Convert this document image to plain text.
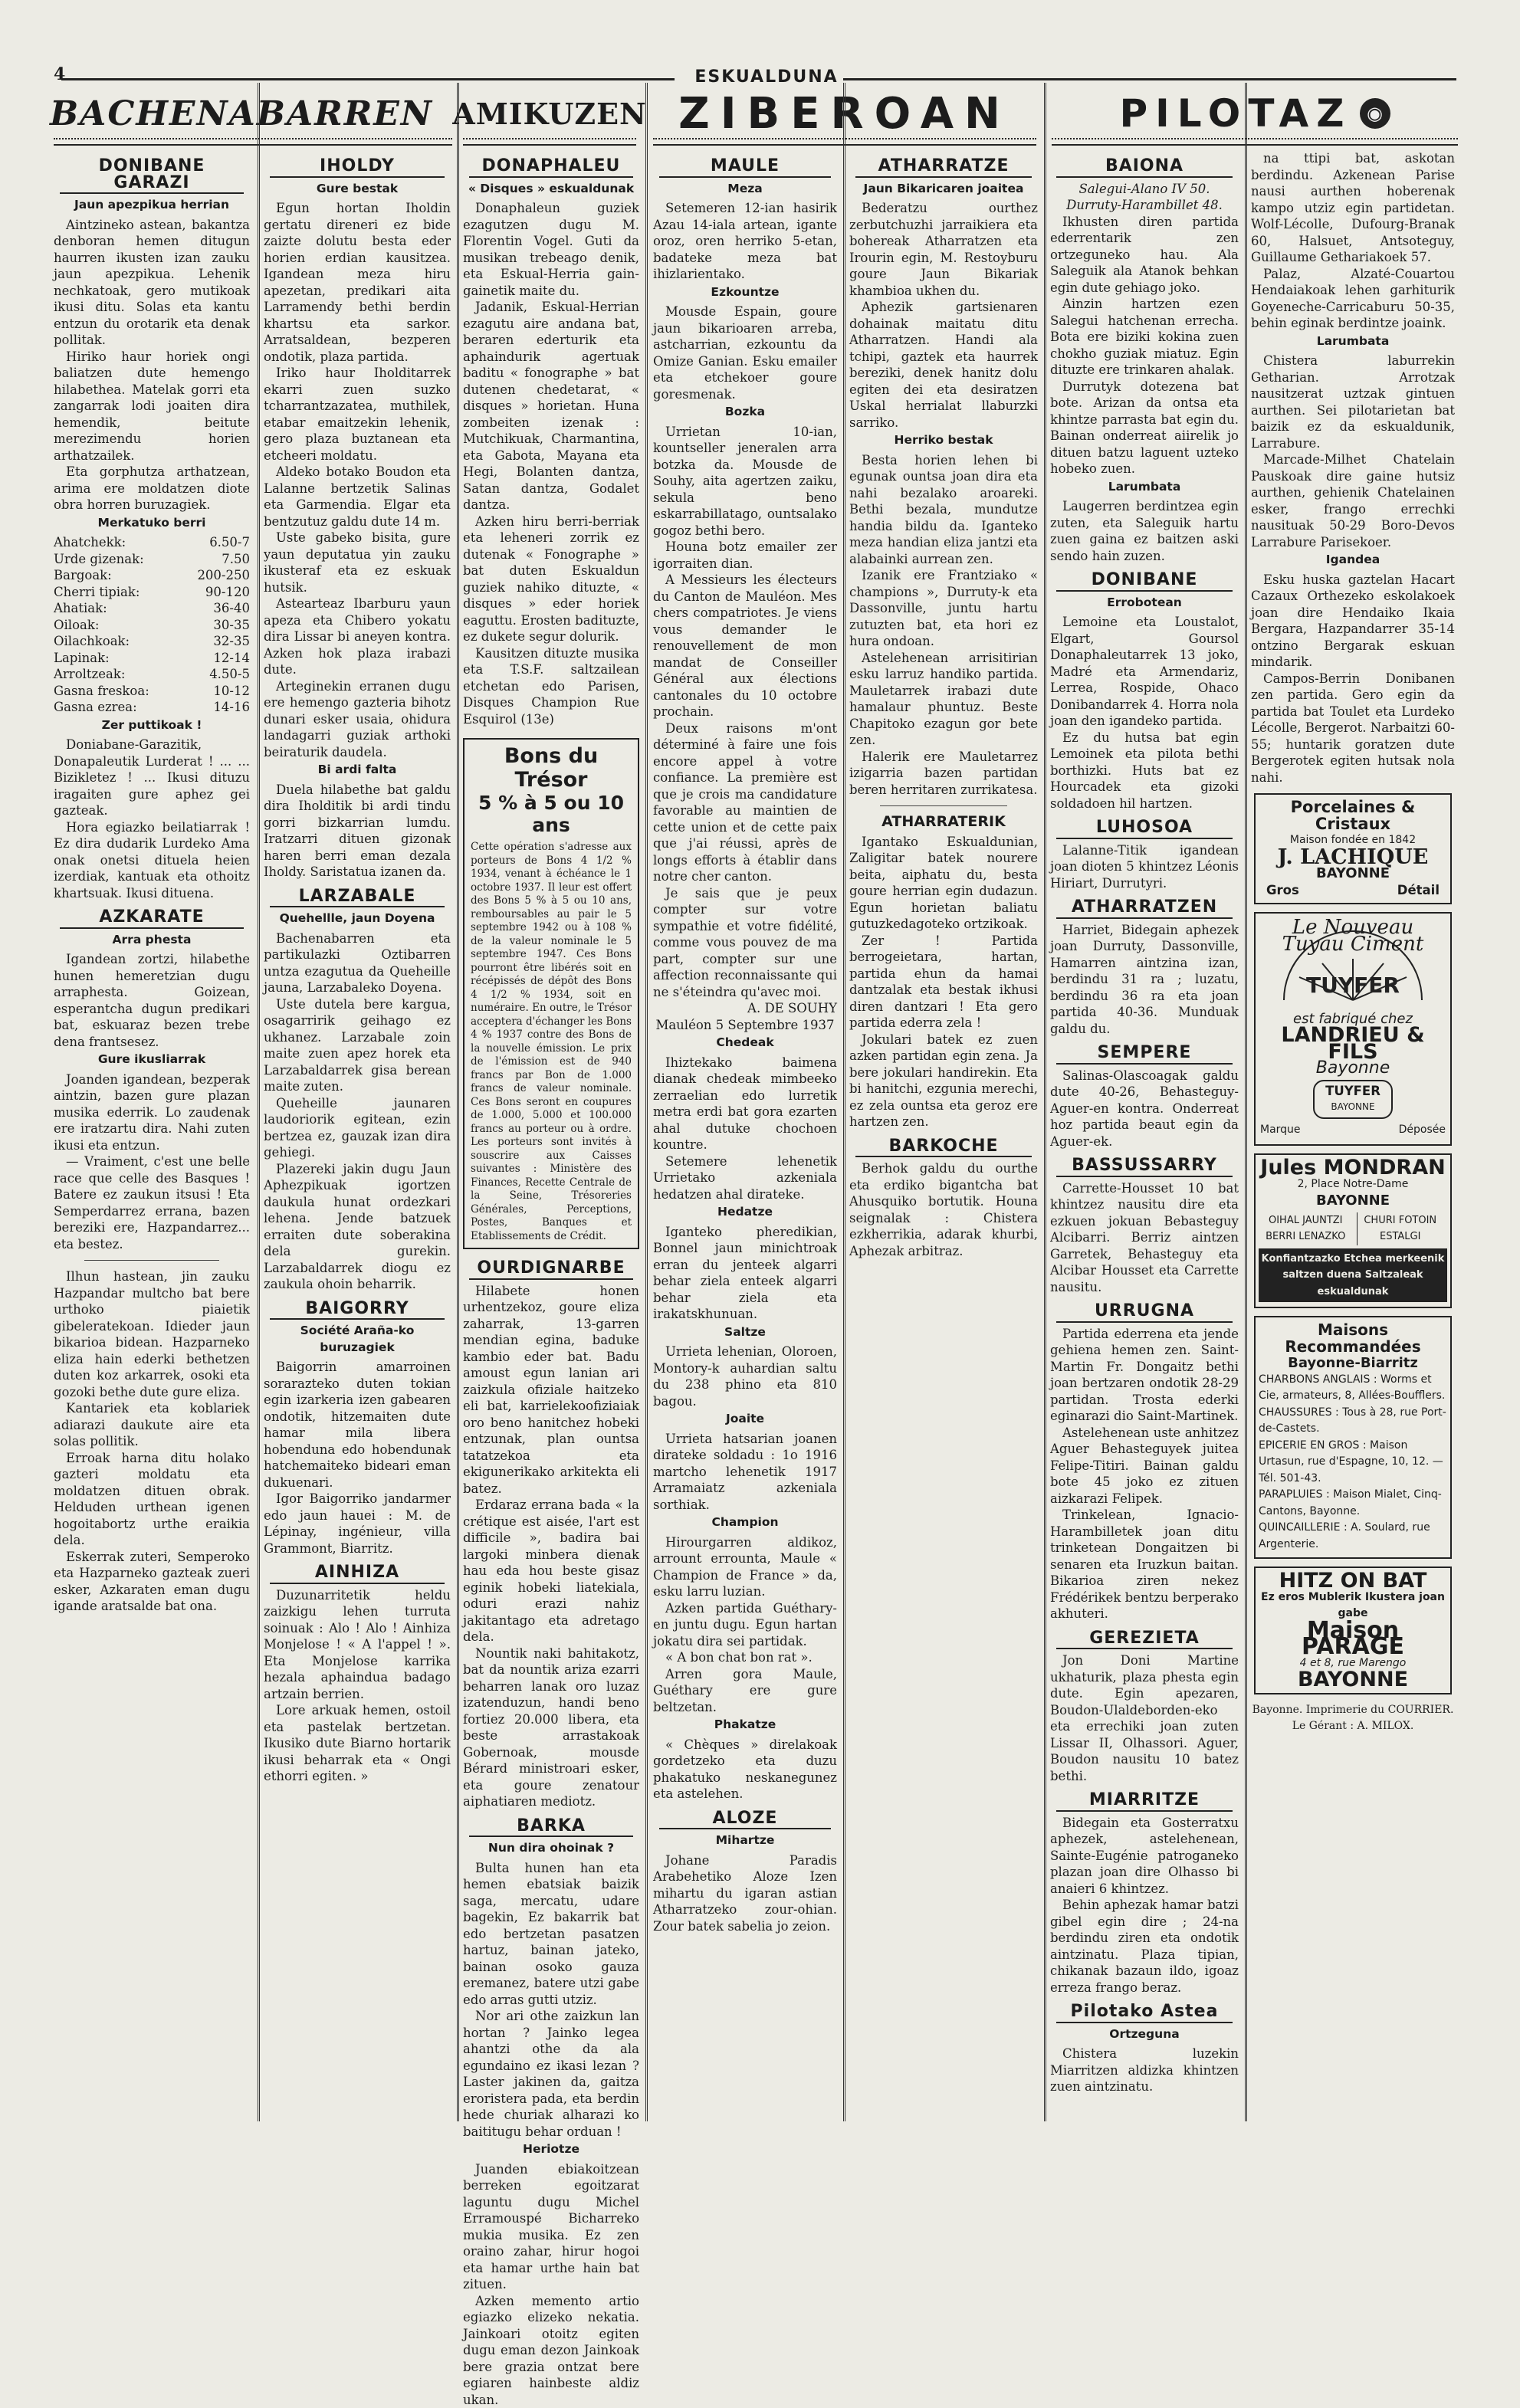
4	ESKUALDUNA
BACHENABARREN AMIKUZEN ZIBEROAN	PILOTAZ ◉
DONIBANE GARAZI
Jaun apezpikua herrian

Aintzineko astean, bakantza denboran hemen ditugun haurren ikusten izan zauku jaun apezpikua. Lehenik nechkatoak, gero mutikoak ikusi ditu. Solas eta kantu entzun du orotarik eta denak pollitak.

Hiriko haur horiek ongi baliatzen dute hemengo hilabethea. Matelak gorri eta zangarrak lodi joaiten dira hemendik, beitute merezimendu horien arthatzailek.

Eta gorphutza arthatzean, arima ere moldatzen diote obra horren buruzagiek.

Merkatuko berri
Ahatchekk:	6.50-7
Urde gizenak:	7.50
Bargoak:	200-250
Cherri tipiak:	90-120
Ahatiak:	36-40
Oiloak:	30-35
Oilachkoak:	32-35
Lapinak:	12-14
Arroltzeak:	4.50-5
Gasna freskoa:	10-12
Gasna ezrea:	14-16
Zer puttikoak !

Doniabane-Garazitik, Donapaleutik Lurderat ! ... ... Bizikletez ! ... Ikusi dituzu iragaiten gure aphez gei gazteak.

Hora egiazko beilatiarrak ! Ez dira dudarik Lurdeko Ama onak onetsi dituela heien izerdiak, kantuak eta othoitz khartsuak. Ikusi dituena.

AZKARATE
Arra phesta

Igandean zortzi, hilabethe hunen hemeretzian dugu arraphesta. Goizean, esperantcha dugun predikari bat, eskuaraz bezen trebe dena frantsesez.

Gure ikusliarrak

Joanden igandean, bezperak aintzin, bazen gure plazan musika ederrik. Lo zaudenak ere iratzartu dira. Nahi zuten ikusi eta entzun.

— Vraiment, c'est une belle race que celle des Basques ! Batere ez zaukun itsusi ! Eta Semperdarrez errana, bazen bereziki ere, Hazpandarrez... eta bestez.

Ilhun hastean, jin zauku Hazpandar multcho bat bere urthoko piaietik gibeleratekoan. Idieder jaun bikarioa bidean. Hazparneko eliza hain ederki bethetzen duten koz arkarrek, osoki eta gozoki bethe dute gure eliza.

Kantariek eta koblariek adiarazi daukute aire eta solas pollitik.

Erroak harna ditu holako gazteri moldatu eta moldatzen dituen obrak. Helduden urthean igenen hogoitabortz urthe eraikia dela.

Eskerrak zuteri, Semperoko eta Hazparneko gazteak zueri esker, Azkaraten eman dugu igande aratsalde bat ona.

IHOLDY
Gure bestak

Egun hortan Iholdin gertatu direneri ez bide zaizte dolutu besta eder horien erdian kausitzea. Igandean meza hiru apezetan, predikari aita Larramendy bethi berdin khartsu eta sarkor. Arratsaldean, bezperen ondotik, plaza partida.

Iriko haur Iholditarrek ekarri zuen suzko tcharrantzazatea, muthilek, etabar emaitzekin lehenik, gero plaza buztanean eta etcheeri moldatu.

Aldeko botako Boudon eta Lalanne bertzetik Salinas eta Garmendia. Elgar eta bentzutuz galdu dute 14 m.

Uste gabeko bisita, gure yaun deputatua yin zauku ikusteraf eta ez eskuak hutsik.

Astearteaz Ibarburu yaun apeza eta Chibero yokatu dira Lissar bi aneyen kontra. Azken hok plaza irabazi dute.

Arteginekin erranen dugu ere hemengo gazteria bihotz dunari esker usaia, ohidura landagarri guziak arthoki beiraturik daudela.

Bi ardi falta

Duela hilabethe bat galdu dira Iholditik bi ardi tindu gorri bizkarrian lumdu. Iratzarri dituen gizonak haren berri eman dezala Iholdy. Saristatua izanen da.

LARZABALE
Quehellle, jaun Doyena

Bachenabarren eta partikulazki Oztibarren untza ezagutua da Queheille jauna, Larzabaleko Doyena.

Uste dutela bere kargua, osagarririk geihago ez ukhanez. Larzabale zoin maite zuen apez horek eta Larzabaldarrek gisa berean maite zuten.

Queheille jaunaren laudoriorik egitean, ezin bertzea ez, gauzak izan dira gehiegi.

Plazereki jakin dugu Jaun Aphezpikuak igortzen daukula hunat ordezkari lehena. Jende batzuek erraiten dute soberakina dela gurekin. Larzabaldarrek diogu ez zaukula ohoin beharrik.

BAIGORRY
Société Araña-ko buruzagiek

Baigorrin amarroinen sorarazteko duten tokian egin izarkeria izen gabearen ondotik, hitzemaiten dute hamar mila libera hobenduna edo hobendunak hatchemaiteko bideari eman dukuenari.

Igor Baigorriko jandarmer edo jaun hauei : M. de Lépinay, ingénieur, villa Grammont, Biarritz.

AINHIZA

Duzunarritetik heldu zaizkigu lehen turruta soinuak : Alo ! Alo ! Ainhiza Monjelose ! « A l'appel ! ». Eta Monjelose karrika hezala aphaindua badago artzain berrien.

Lore arkuak hemen, ostoil eta pastelak bertzetan. Ikusiko dute Biarno hortarik ikusi beharrak eta « Ongi ethorri egiten. »

DONAPHALEU
« Disques » eskualdunak

Donaphaleun guziek ezagutzen dugu M. Florentin Vogel. Guti da musikan trebeago denik, eta Eskual-Herria gain-gainetik maite du.

Jadanik, Eskual-Herrian ezagutu aire andana bat, beraren ederturik eta aphaindurik agertuak baditu « fonographe » bat dutenen chedetarat, « disques » horietan. Huna zombeiten izenak : Mutchikuak, Charmantina, eta Gabota, Mayana eta Hegi, Bolanten dantza, Satan dantza, Godalet dantza.

Azken hiru berri-berriak eta leheneri zorrik ez dutenak « Fonographe » bat duten Eskualdun guziek nahiko dituzte, « disques » eder horiek eaguttu. Erosten badituzte, ez dukete segur dolurik.

Kausitzen dituzte musika eta T.S.F. saltzailean etchetan edo Parisen, Disques Champion Rue Esquirol (13e)

Bons du Trésor
5 % à 5 ou 10 ans
Cette opération s'adresse aux porteurs de Bons 4 1/2 % 1934, venant à échéance le 1 octobre 1937. Il leur est offert des Bons 5 % à 5 ou 10 ans, remboursables au pair le 5 septembre 1942 ou à 108 % de la valeur nominale le 5 septembre 1947. Ces Bons pourront être libérés soit en récépissés de dépôt des Bons 4 1/2 % 1934, soit en numéraire. En outre, le Trésor acceptera d'échanger les Bons 4 % 1937 contre des Bons de la nouvelle émission. Le prix de l'émission est de 940 francs par Bon de 1.000 francs de valeur nominale. Ces Bons seront en coupures de 1.000, 5.000 et 100.000 francs au porteur ou à ordre. Les porteurs sont invités à souscrire aux Caisses suivantes : Ministère des Finances, Recette Centrale de la Seine, Trésoreries Générales, Perceptions, Postes, Banques et Etablissements de Crédit.
OURDIGNARBE

Hilabete honen urhentzekoz, goure eliza zaharrak, 13-garren mendian egina, baduke kambio eder bat. Badu amoust egun lanian ari zaizkula ofiziale haitzeko eli bat, karrielekoofiziaiak oro beno hanitchez hobeki entzunak, plan ountsa tatatzekoa eta ekigunerikako arkitekta eli batez.

Erdaraz errana bada « la crétique est aisée, l'art est difficile », badira bai largoki minbera dienak hau eda hou beste gisaz eginik hobeki liatekiala, oduri erazi nahiz jakitantago eta adretago dela.

Nountik naki bahitakotz, bat da nountik ariza ezarri beharren lanak oro luzaz izatenduzun, handi beno fortiez 20.000 libera, eta beste arrastakoak Gobernoak, mousde Bérard ministroari esker, eta goure zenatour aiphatiaren mediotz.

BARKA
Nun dira ohoinak ?

Bulta hunen han eta hemen ebatsiak baizik saga, mercatu, udare bagekin, Ez bakarrik bat edo bertzetan pasatzen hartuz, bainan jateko, bainan osoko gauza eremanez, batere utzi gabe edo arras gutti utziz.

Nor ari othe zaizkun lan hortan ? Jainko legea ahantzi othe da ala egundaino ez ikasi lezan ? Laster jakinen da, gaitza eroristera pada, eta berdin hede churiak alharazi ko baititugu behar orduan !

Heriotze

Juanden ebiakoitzean berreken egoitzarat laguntu dugu Michel Erramouspé Bicharreko mukia musika. Ez zen oraino zahar, hirur hogoi eta hamar urthe hain bat zituen.

Azken memento artio egiazko elizeko nekatia. Jainkoari otoitz egiten dugu eman dezon Jainkoak bere grazia ontzat bere egiaren hainbeste aldiz ukan.

MAULE
Meza

Setemeren 12-ian hasirik Azau 14-iala artean, igante oroz, oren herriko 5-etan, badateke meza bat ihizlarientako.

Ezkountze

Mousde Espain, goure jaun bikarioaren arreba, astcharrian, ezkountu da Omize Ganian. Esku emailer eta etchekoer goure goresmenak.

Bozka

Urrietan 10-ian, kountseller jeneralen arra botzka da. Mousde de Souhy, aita agertzen zaiku, sekula beno eskarrabillatago, ountsalako gogoz bethi bero.

Houna botz emailer zer igorraiten dian.

A Messieurs les électeurs du Canton de Mauléon. Mes chers compatriotes. Je viens vous demander le renouvellement de mon mandat de Conseiller Général aux élections cantonales du 10 octobre prochain.

Deux raisons m'ont déterminé à faire une fois encore appel à votre confiance. La première est que je crois ma candidature favorable au maintien de cette union et de cette paix que j'ai réussi, après de longs efforts à établir dans notre cher canton.

Je sais que je peux compter sur votre sympathie et votre fidélité, comme vous pouvez de ma part, compter sur une affection reconnaissante qui ne s'éteindra qu'avec moi.

A. DE SOUHY
Mauléon 5 Septembre 1937
Chedeak

Ihiztekako baimena dianak chedeak mimbeeko zerraelian edo lurretik metra erdi bat gora ezarten ahal dutuke chochoen kountre.

Setemere lehenetik Urrietako azkeniala hedatzen ahal dirateke.

Hedatze

Iganteko pheredikian, Bonnel jaun minichtroak erran du jenteek algarri behar ziela enteek algarri behar ziela eta irakatskhunuan.

Saltze

Urrieta lehenian, Oloroen, Montory-k auhardian saltu du 238 phino eta 810 bagou.

Joaite

Urrieta hatsarian joanen dirateke soldadu : 1o 1916 martcho lehenetik 1917 Arramaiatz azkeniala sorthiak.

Champion

Hirourgarren aldikoz, arrount errounta, Maule « Champion de France » da, esku larru luzian.

Azken partida Guéthary-en juntu dugu. Egun hartan jokatu dira sei partidak.

« A bon chat bon rat ».

Arren gora Maule, Guéthary ere gure beltzetan.

Phakatze

« Chèques » direlakoak gordetzeko eta duzu phakatuko neskanegunez eta astelehen.

ALOZE
Mihartze

Johane Paradis Arabehetiko Aloze Izen mihartu du igaran astian Atharratzeko zour-ohian. Zour batek sabelia jo zeion.

ATHARRATZE
Jaun Bikaricaren joaitea

Bederatzu ourthez zerbutchuzhi jarraikiera eta bohereak Atharratzen eta Irourin egin, M. Restoyburu goure Jaun Bikariak khambioa ukhen du.

Aphezik gartsienaren dohainak maitatu ditu Atharratzen. Handi ala tchipi, gaztek eta haurrek bereziki, denek hanitz dolu egiten dei eta desiratzen Uskal herrialat llaburzki sarriko.

Herriko bestak

Besta horien lehen bi egunak ountsa joan dira eta nahi bezalako aroareki. Bethi bezala, mundutze handia bildu da. Iganteko meza handian eliza jantzi eta alabainki aurrean zen.

Izanik ere Frantziako « champions », Durruty-k eta Dassonville, juntu hartu zutuzten bat, eta hori ez hura ondoan.

Astelehenean arrisitirian esku larruz handiko partida. Mauletarrek irabazi dute hamalaur phuntuz. Beste Chapitoko ezagun gor bete zen.

Halerik ere Mauletarrez izigarria bazen partidan beren herritaren zurrikatesa.

ATHARRATERIK

Igantako Eskualdunian, Zaligitar batek nourere beita, aiphatu du, besta goure herrian egin dudazun. Egun horietan baliatu gutuzkedagoteko ortzikoak.

Zer ! Partida berrogeietara, hartan, partida ehun da hamai dantzalak eta bestak ikhusi diren dantzari ! Eta gero partida ederra zela !

Jokulari batek ez zuen azken partidan egin zena. Ja bere jokulari handirekin. Eta bi hanitchi, ezgunia merechi, ez zela ountsa eta geroz ere hartzen zen.

BARKOCHE

Berhok galdu du ourthe eta erdiko bigantcha bat Ahusquiko bortutik. Houna seignalak : Chistera ezkherrikia, adarak khurbi, Aphezak arbitraz.

BAIONA
Salegui-Alano IV 50.
Durruty-Harambillet 48.

Ikhusten diren partida ederrentarik zen ortzeguneko hau. Ala Saleguik ala Atanok behkan egin dute gehiago joko.

Ainzin hartzen ezen Salegui hatchenan errecha. Bota ere biziki kokina zuen chokho guziak miatuz. Egin dituzte ere trinkaren ahalak.

Durrutyk dotezena bat bote. Arizan da ontsa eta khintze parrasta bat egin du. Bainan onderreat aiirelik jo dituen batzu laguent uzteko hobeko zuen.

Larumbata

Laugerren berdintzea egin zuten, eta Saleguik hartu zuen gaina ez baitzen aski sendo hain zuzen.

DONIBANE
Errobotean

Lemoine eta Loustalot, Elgart, Goursol Donaphaleutarrek 13 joko, Madré eta Armendariz, Lerrea, Rospide, Ohaco Donibandarrek 4. Horra nola joan den igandeko partida.

Ez du hutsa bat egin Lemoinek eta pilota bethi borthizki. Huts bat ez Hourcadek eta gizoki soldadoen hil hartzen.

LUHOSOA

Lalanne-Titik igandean joan dioten 5 khintzez Léonis Hiriart, Durrutyri.

ATHARRATZEN

Harriet, Bidegain aphezek joan Durruty, Dassonville, Hamarren aintzina izan, berdindu 31 ra ; luzatu, berdindu 36 ra eta joan partida 40-36. Munduak galdu du.

SEMPERE

Salinas-Olascoagak galdu dute 40-26, Behasteguy-Aguer-en kontra. Onderreat hoz partida beaut egin da Aguer-ek.

BASSUSSARRY

Carrette-Housset 10 bat khintzez nausitu dire eta ezkuen jokuan Bebasteguy Alcibarri. Berriz aintzen Garretek, Behasteguy eta Alcibar Housset eta Carrette nausitu.

URRUGNA

Partida ederrena eta jende gehiena hemen zen. Saint-Martin Fr. Dongaitz bethi joan bertzaren ondotik 28-29 partidan. Trosta ederki eginarazi dio Saint-Martinek.

Astelehenean uste anhitzez Aguer Behasteguyek juitea Felipe-Titiri. Bainan galdu bote 45 joko ez zituen aizkarazi Felipek.

Trinkelean, Ignacio-Harambilletek joan ditu trinketean Dongaitzen bi senaren eta Iruzkun baitan. Bikarioa ziren nekez Frédérikek bentzu berperako akhuteri.

GEREZIETA

Jon Doni Martine ukhaturik, plaza phesta egin dute. Egin apezaren, Boudon-Ulaldeborden-eko eta errechiki joan zuten Lissar II, Olhassori. Aguer, Boudon nausitu 10 batez bethi.

MIARRITZE

Bidegain eta Gosterratxu aphezek, astelehenean, Sainte-Eugénie patroganeko plazan joan dire Olhasso bi anaieri 6 khintzez.

Behin aphezak hamar batzi gibel egin dire ; 24-na berdindu ziren eta ondotik aintzinatu. Plaza tipian, chikanak bazaun ildo, igoaz erreza frango beraz.

Pilotako Astea
Ortzeguna

Chistera luzekin Miarritzen aldizka khintzen zuen aintzinatu.

na ttipi bat, askotan berdindu. Azkenean Parise nausi aurthen hoberenak kampo utziz egin partidetan. Wolf-Lécolle, Dufourg-Branak 60, Halsuet, Antsoteguy, Guillaume Gethariakoek 57.

Palaz, Alzaté-Couartou Hendaiakoak lehen garhiturik Goyeneche-Carricaburu 50-35, behin eginak berdintze joaink.

Larumbata

Chistera laburrekin Getharian. Arrotzak nausitzerat uztzak gintuen aurthen. Sei pilotarietan bat baizik ez da eskualdunik, Larrabure.

Marcade-Milhet Chatelain Pauskoak dire gaine hutsiz aurthen, gehienik Chatelainen esker, frango errechki nausituak 50-29 Boro-Devos Larrabure Parisekoer.

Igandea

Esku huska gaztelan Hacart Cazaux Orthezeko eskolakoek joan dire Hendaiko Ikaia Bergara, Hazpandarrer 35-14 ontzino Bergarak eskuan mindarik.

Campos-Berrin Donibanen zen partida. Gero egin da partida bat Toulet eta Lurdeko Lécolle, Bergerot. Narbaitzi 60-55; huntarik goratzen dute Bergerotek egiten hutsak nola nahi.

Porcelaines & Cristaux
Maison fondée en 1842
J. LACHIQUE
BAYONNE
Gros	Détail
Le Nouveau Tuyau Ciment
TUYFER
est fabriqué chez
LANDRIEU & FILS
Bayonne
TUYFER
BAYONNE
Marque	Déposée
Jules MONDRAN
2, Place Notre-Dame
BAYONNE
OIHAL JAUNTZI BERRI LENAZKO
CHURI FOTOIN ESTALGI
Konfiantzazko Etchea merkeenik saltzen duena Saltzaleak eskualdunak
Maisons Recommandées
Bayonne-Biarritz
CHARBONS ANGLAIS : Worms et Cie, armateurs, 8, Allées-Boufflers.
CHAUSSURES : Tous à 28, rue Port-de-Castets.
EPICERIE EN GROS : Maison Urtasun, rue d'Espagne, 10, 12. — Tél. 501-43.
PARAPLUIES : Maison Mialet, Cinq-Cantons, Bayonne.
QUINCAILLERIE : A. Soulard, rue Argenterie.
HITZ ON BAT
Ez eros Mublerik Ikustera joan gabe
Maison PARAGE
4 et 8, rue Marengo
BAYONNE
Bayonne. Imprimerie du COURRIER.
Le Gérant : A. MILOX.
